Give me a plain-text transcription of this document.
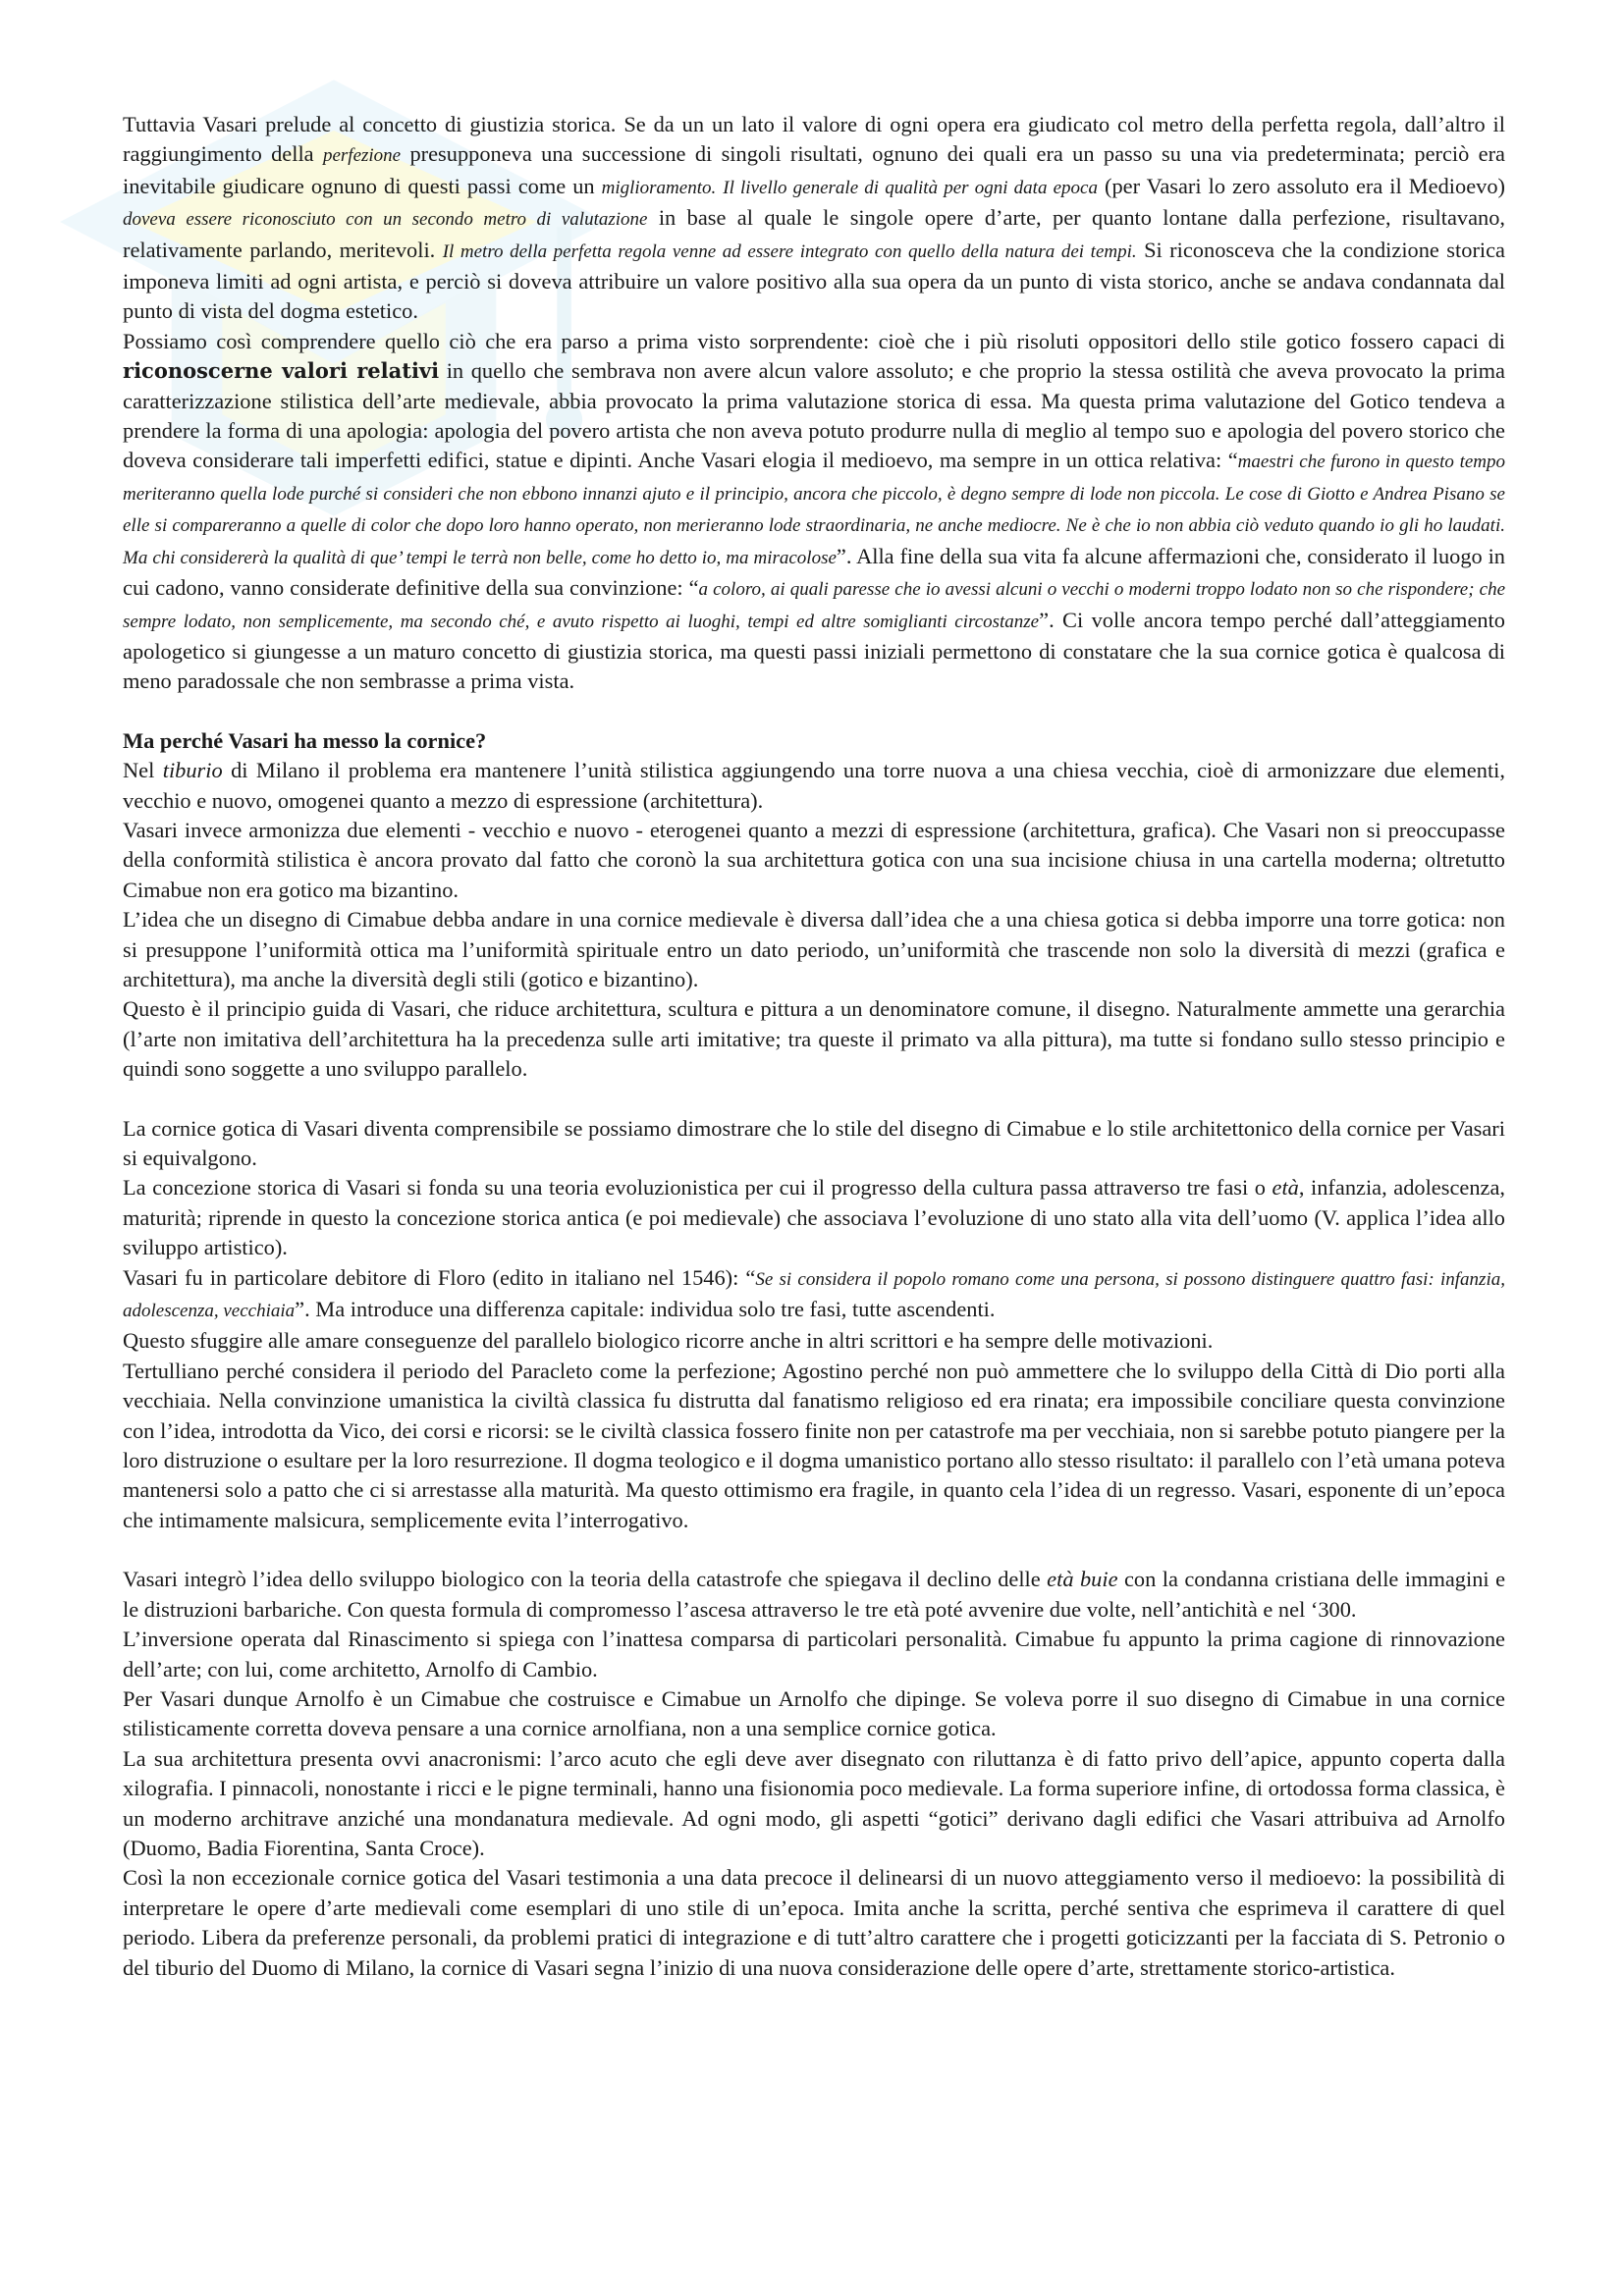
Tuttavia Vasari prelude al concetto di giustizia storica. Se da un un lato il valore di ogni opera era giudicato col metro della perfetta regola, dall’altro il raggiungimento della perfezione presupponeva una successione di singoli risultati, ognuno dei quali era un passo su una via predeterminata; perciò era inevitabile giudicare ognuno di questi passi come un miglioramento. Il livello generale di qualità per ogni data epoca (per Vasari lo zero assoluto era il Medioevo) doveva essere riconosciuto con un secondo metro di valutazione in base al quale le singole opere d’arte, per quanto lontane dalla perfezione, risultavano, relativamente parlando, meritevoli. Il metro della perfetta regola venne ad essere integrato con quello della natura dei tempi. Si riconosceva che la condizione storica imponeva limiti ad ogni artista, e perciò si doveva attribuire un valore positivo alla sua opera da un punto di vista storico, anche se andava condannata dal punto di vista del dogma estetico.

Possiamo così comprendere quello ciò che era parso a prima visto sorprendente: cioè che i più risoluti oppositori dello stile gotico fossero capaci di riconoscerne valori relativi in quello che sembrava non avere alcun valore assoluto; e che proprio la stessa ostilità che aveva provocato la prima caratterizzazione stilistica dell’arte medievale, abbia provocato la prima valutazione storica di essa. Ma questa prima valutazione del Gotico tendeva a prendere la forma di una apologia: apologia del povero artista che non aveva potuto produrre nulla di meglio al tempo suo e apologia del povero storico che doveva considerare tali imperfetti edifici, statue e dipinti. Anche Vasari elogia il medioevo, ma sempre in un ottica relativa: “maestri che furono in questo tempo meriteranno quella lode purché si consideri che non ebbono innanzi ajuto e il principio, ancora che piccolo, è degno sempre di lode non piccola. Le cose di Giotto e Andrea Pisano se elle si compareranno a quelle di color che dopo loro hanno operato, non merieranno lode straordinaria, ne anche mediocre. Ne è che io non abbia ciò veduto quando io gli ho laudati. Ma chi considererà la qualità di que’ tempi le terrà non belle, come ho detto io, ma miracolose”. Alla fine della sua vita fa alcune affermazioni che, considerato il luogo in cui cadono, vanno considerate definitive della sua convinzione: “a coloro, ai quali paresse che io avessi alcuni o vecchi o moderni troppo lodato non so che rispondere; che sempre lodato, non semplicemente, ma secondo ché, e avuto rispetto ai luoghi, tempi ed altre somiglianti circostanze”. Ci volle ancora tempo perché dall’atteggiamento apologetico si giungesse a un maturo concetto di giustizia storica, ma questi passi iniziali permettono di constatare che la sua cornice gotica è qualcosa di meno paradossale che non sembrasse a prima vista.

Ma perché Vasari ha messo la cornice?

Nel tiburio di Milano il problema era mantenere l’unità stilistica aggiungendo una torre nuova a una chiesa vecchia, cioè di armonizzare due elementi, vecchio e nuovo, omogenei quanto a mezzo di espressione (architettura).

Vasari invece armonizza due elementi - vecchio e nuovo - eterogenei quanto a mezzi di espressione (architettura, grafica). Che Vasari non si preoccupasse della conformità stilistica è ancora provato dal fatto che coronò la sua architettura gotica con una sua incisione chiusa in una cartella moderna; oltretutto Cimabue non era gotico ma bizantino.

L’idea che un disegno di Cimabue debba andare in una cornice medievale è diversa dall’idea che a una chiesa gotica si debba imporre una torre gotica: non si presuppone l’uniformità ottica ma l’uniformità spirituale entro un dato periodo, un’uniformità che trascende non solo la diversità di mezzi (grafica e architettura), ma anche la diversità degli stili (gotico e bizantino).

Questo è il principio guida di Vasari, che riduce architettura, scultura e pittura a un denominatore comune, il disegno. Naturalmente ammette una gerarchia (l’arte non imitativa dell’architettura ha la precedenza sulle arti imitative; tra queste il primato va alla pittura), ma tutte si fondano sullo stesso principio e quindi sono soggette a uno sviluppo parallelo.

La cornice gotica di Vasari diventa comprensibile se possiamo dimostrare che lo stile del disegno di Cimabue e lo stile architettonico della cornice per Vasari si equivalgono.

La concezione storica di Vasari si fonda su una teoria evoluzionistica per cui il progresso della cultura passa attraverso tre fasi o età, infanzia, adolescenza, maturità; riprende in questo la concezione storica antica (e poi medievale) che associava l’evoluzione di uno stato alla vita dell’uomo (V. applica l’idea allo sviluppo artistico).

Vasari fu in particolare debitore di Floro (edito in italiano nel 1546): “Se si considera il popolo romano come una persona, si possono distinguere quattro fasi: infanzia, adolescenza, vecchiaia”. Ma introduce una differenza capitale: individua solo tre fasi, tutte ascendenti.

Questo sfuggire alle amare conseguenze del parallelo biologico ricorre anche in altri scrittori e ha sempre delle motivazioni.

Tertulliano perché considera il periodo del Paracleto come la perfezione; Agostino perché non può ammettere che lo sviluppo della Città di Dio porti alla vecchiaia. Nella convinzione umanistica la civiltà classica fu distrutta dal fanatismo religioso ed era rinata; era impossibile conciliare questa convinzione con l’idea, introdotta da Vico, dei corsi e ricorsi: se le civiltà classica fossero finite non per catastrofe ma per vecchiaia, non si sarebbe potuto piangere per la loro distruzione o esultare per la loro resurrezione. Il dogma teologico e il dogma umanistico portano allo stesso risultato: il parallelo con l’età umana poteva mantenersi solo a patto che ci si arrestasse alla maturità. Ma questo ottimismo era fragile, in quanto cela l’idea di un regresso. Vasari, esponente di un’epoca che intimamente malsicura, semplicemente evita l’interrogativo.

Vasari integrò l’idea dello sviluppo biologico con la teoria della catastrofe che spiegava il declino delle età buie con la condanna cristiana delle immagini e le distruzioni barbariche. Con questa formula di compromesso l’ascesa attraverso le tre età poté avvenire due volte, nell’antichità e nel ‘300.

L’inversione operata dal Rinascimento si spiega con l’inattesa comparsa di particolari personalità. Cimabue fu appunto la prima cagione di rinnovazione dell’arte; con lui, come architetto, Arnolfo di Cambio.

Per Vasari dunque Arnolfo è un Cimabue che costruisce e Cimabue un Arnolfo che dipinge. Se voleva porre il suo disegno di Cimabue in una cornice stilisticamente corretta doveva pensare a una cornice arnolfiana, non a una semplice cornice gotica.

La sua architettura presenta ovvi anacronismi: l’arco acuto che egli deve aver disegnato con riluttanza è di fatto privo dell’apice, appunto coperta dalla xilografia. I pinnacoli, nonostante i ricci e le pigne terminali, hanno una fisionomia poco medievale. La forma superiore infine, di ortodossa forma classica, è un moderno architrave anziché una mondanatura medievale. Ad ogni modo, gli aspetti “gotici” derivano dagli edifici che Vasari attribuiva ad Arnolfo (Duomo, Badia Fiorentina, Santa Croce).

Così la non eccezionale cornice gotica del Vasari testimonia a una data precoce il delinearsi di un nuovo atteggiamento verso il medioevo: la possibilità di interpretare le opere d’arte medievali come esemplari di uno stile di un’epoca. Imita anche la scritta, perché sentiva che esprimeva il carattere di quel periodo. Libera da preferenze personali, da problemi pratici di integrazione e di tutt’altro carattere che i progetti goticizzanti per la facciata di S. Petronio o del tiburio del Duomo di Milano, la cornice di Vasari segna l’inizio di una nuova considerazione delle opere d’arte, strettamente storico-artistica.
